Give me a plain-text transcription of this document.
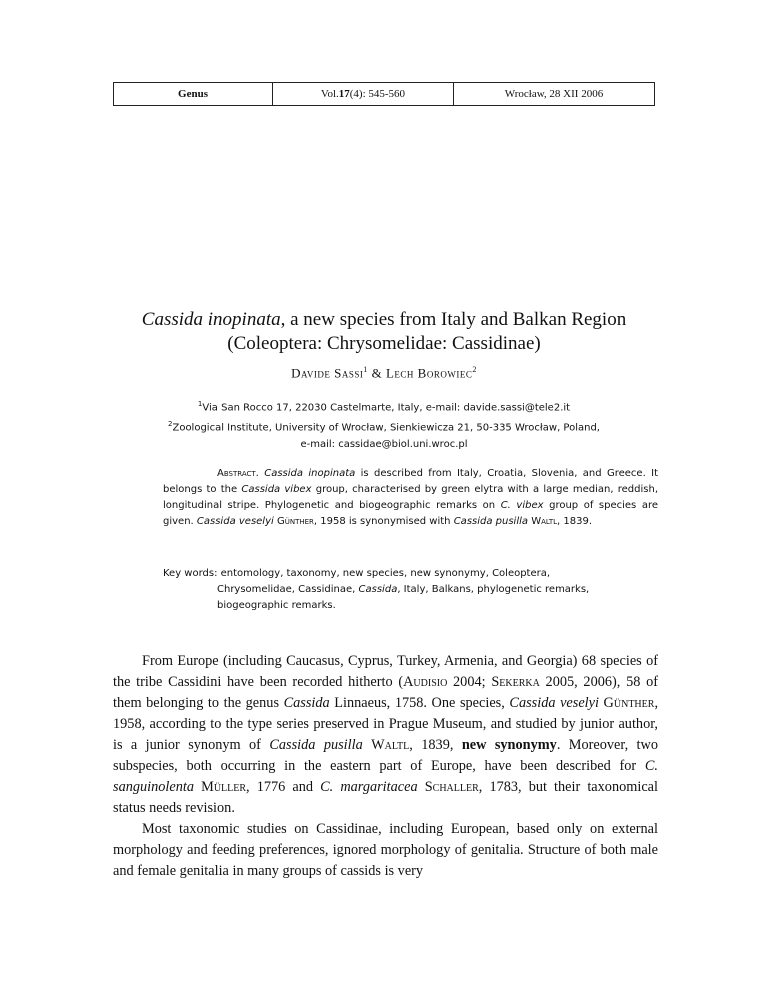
Genus	Vol. 17 (4): 545-560	Wrocław, 28 XII 2006
Cassida inopinata, a new species from Italy and Balkan Region
(Coleoptera: Chrysomelidae: Cassidinae)
Davide Sassi$^1$ & Lech Borowiec$^2$
$^1$Via San Rocco 17, 22030 Castelmarte, Italy, e-mail: davide.sassi@tele2.it
$^2$Zoological Institute, University of Wrocław, Sienkiewicza 21, 50-335 Wrocław, Poland,
e-mail: cassidae@biol.uni.wroc.pl
Abstract. Cassida inopinata is described from Italy, Croatia, Slovenia, and Greece. It belongs to the Cassida vibex group, characterised by green elytra with a large median, reddish, longitudinal stripe. Phylogenetic and biogeographic remarks on C. vibex group of species are given. Cassida veselyi Günther, 1958 is synonymised with Cassida pusilla Waltl, 1839.
Key words: entomology, taxonomy, new species, new synonymy, Coleoptera,
Chrysomelidae, Cassidinae, Cassida, Italy, Balkans, phylogenetic remarks,
biogeographic remarks.

From Europe (including Caucasus, Cyprus, Turkey, Armenia, and Georgia) 68 species of the tribe Cassidini have been recorded hitherto (Audisio 2004; Sekerka 2005, 2006), 58 of them belonging to the genus Cassida Linnaeus, 1758. One species, Cassida veselyi Günther, 1958, according to the type series preserved in Prague Museum, and studied by junior author, is a junior synonym of Cassida pusilla Waltl, 1839, new synonymy. Moreover, two subspecies, both occurring in the eastern part of Europe, have been described for C. sanguinolenta Müller, 1776 and C. margaritacea Schaller, 1783, but their taxonomical status needs revision.

Most taxonomic studies on Cassidinae, including European, based only on external morphology and feeding preferences, ignored morphology of genitalia. Structure of both male and female genitalia in many groups of cassids is very
